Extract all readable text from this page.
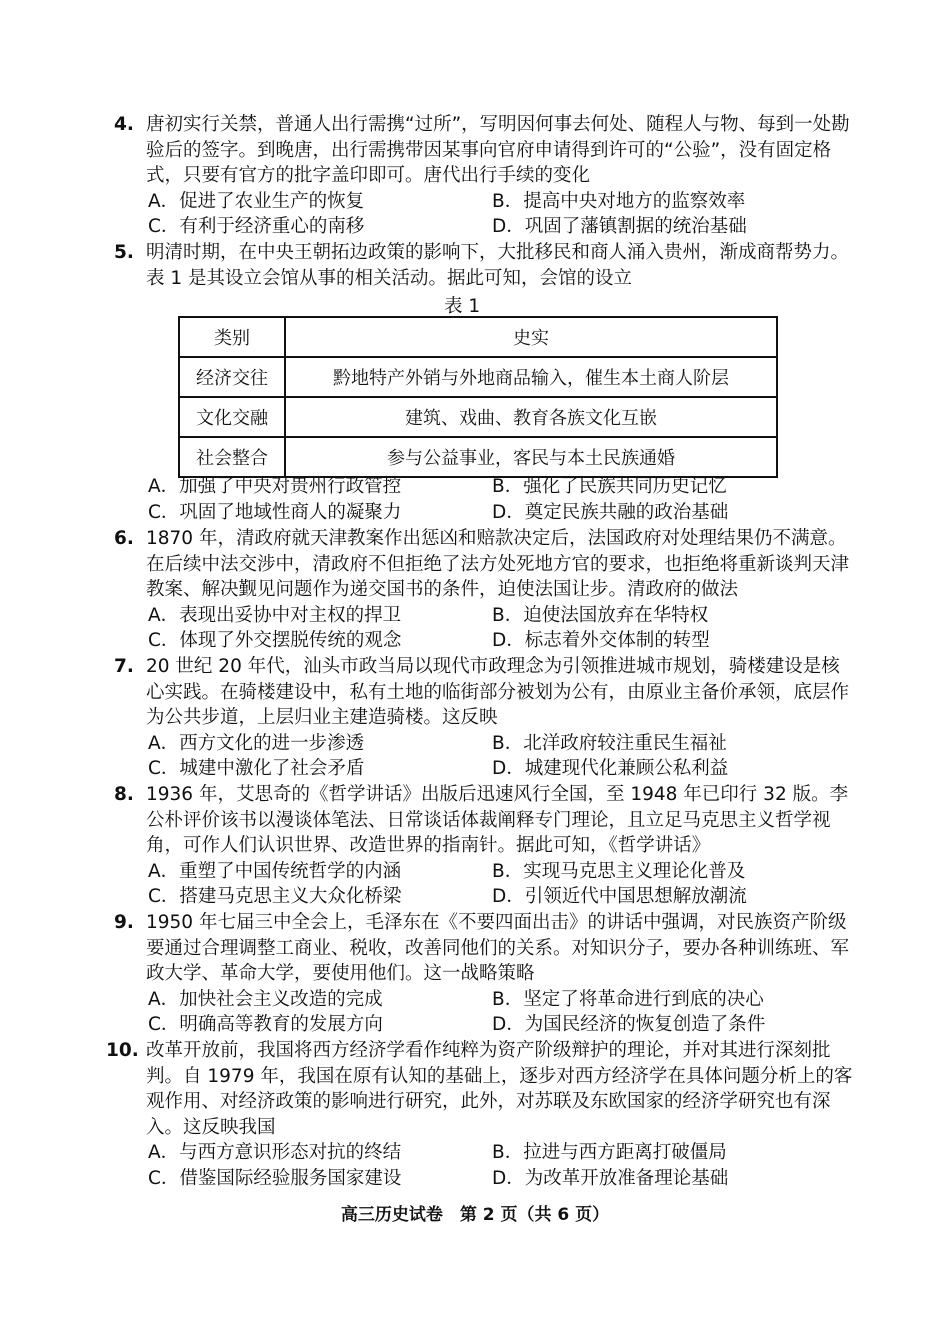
4. 唐初实行关禁，普通人出行需携“过所”，写明因何事去何处、随程人与物、每到一处勘验后的签字。到晚唐，出行需携带因某事向官府申请得到许可的“公验”，没有固定格式，只要有官方的批字盖印即可。唐代出行手续的变化

A．促进了农业生产的恢复	B．提高中央对地方的监察效率
C．有利于经济重心的南移	D．巩固了藩镇割据的统治基础
5. 明清时期，在中央王朝拓边政策的影响下，大批移民和商人涌入贵州，渐成商帮势力。表 1 是其设立会馆从事的相关活动。据此可知，会馆的设立

表 1
类别	史实
经济交往	黔地特产外销与外地商品输入，催生本土商人阶层
文化交融	建筑、戏曲、教育各族文化互嵌
社会整合	参与公益事业，客民与本土民族通婚
A．加强了中央对贵州行政管控	B．强化了民族共同历史记忆
C．巩固了地域性商人的凝聚力	D．奠定民族共融的政治基础
6. 1870 年，清政府就天津教案作出惩凶和赔款决定后，法国政府对处理结果仍不满意。在后续中法交涉中，清政府不但拒绝了法方处死地方官的要求，也拒绝将重新谈判天津教案、解决觐见问题作为递交国书的条件，迫使法国让步。清政府的做法

A．表现出妥协中对主权的捍卫	B．迫使法国放弃在华特权
C．体现了外交摆脱传统的观念	D．标志着外交体制的转型
7. 20 世纪 20 年代，汕头市政当局以现代市政理念为引领推进城市规划，骑楼建设是核心实践。在骑楼建设中，私有土地的临街部分被划为公有，由原业主备价承领，底层作为公共步道，上层归业主建造骑楼。这反映

A．西方文化的进一步渗透	B．北洋政府较注重民生福祉
C．城建中激化了社会矛盾	D．城建现代化兼顾公私利益
8. 1936 年，艾思奇的《哲学讲话》出版后迅速风行全国，至 1948 年已印行 32 版。李公朴评价该书以漫谈体笔法、日常谈话体裁阐释专门理论，且立足马克思主义哲学视角，可作人们认识世界、改造世界的指南针。据此可知，《哲学讲话》

A．重塑了中国传统哲学的内涵	B．实现马克思主义理论化普及
C．搭建马克思主义大众化桥梁	D．引领近代中国思想解放潮流
9. 1950 年七届三中全会上，毛泽东在《不要四面出击》的讲话中强调，对民族资产阶级要通过合理调整工商业、税收，改善同他们的关系。对知识分子，要办各种训练班、军政大学、革命大学，要使用他们。这一战略策略

A．加快社会主义改造的完成	B．坚定了将革命进行到底的决心
C．明确高等教育的发展方向	D．为国民经济的恢复创造了条件
10. 改革开放前，我国将西方经济学看作纯粹为资产阶级辩护的理论，并对其进行深刻批判。自 1979 年，我国在原有认知的基础上，逐步对西方经济学在具体问题分析上的客观作用、对经济政策的影响进行研究，此外，对苏联及东欧国家的经济学研究也有深入。这反映我国

A．与西方意识形态对抗的终结	B．拉进与西方距离打破僵局
C．借鉴国际经验服务国家建设	D．为改革开放准备理论基础
高三历史试卷　第 2 页（共 6 页）
